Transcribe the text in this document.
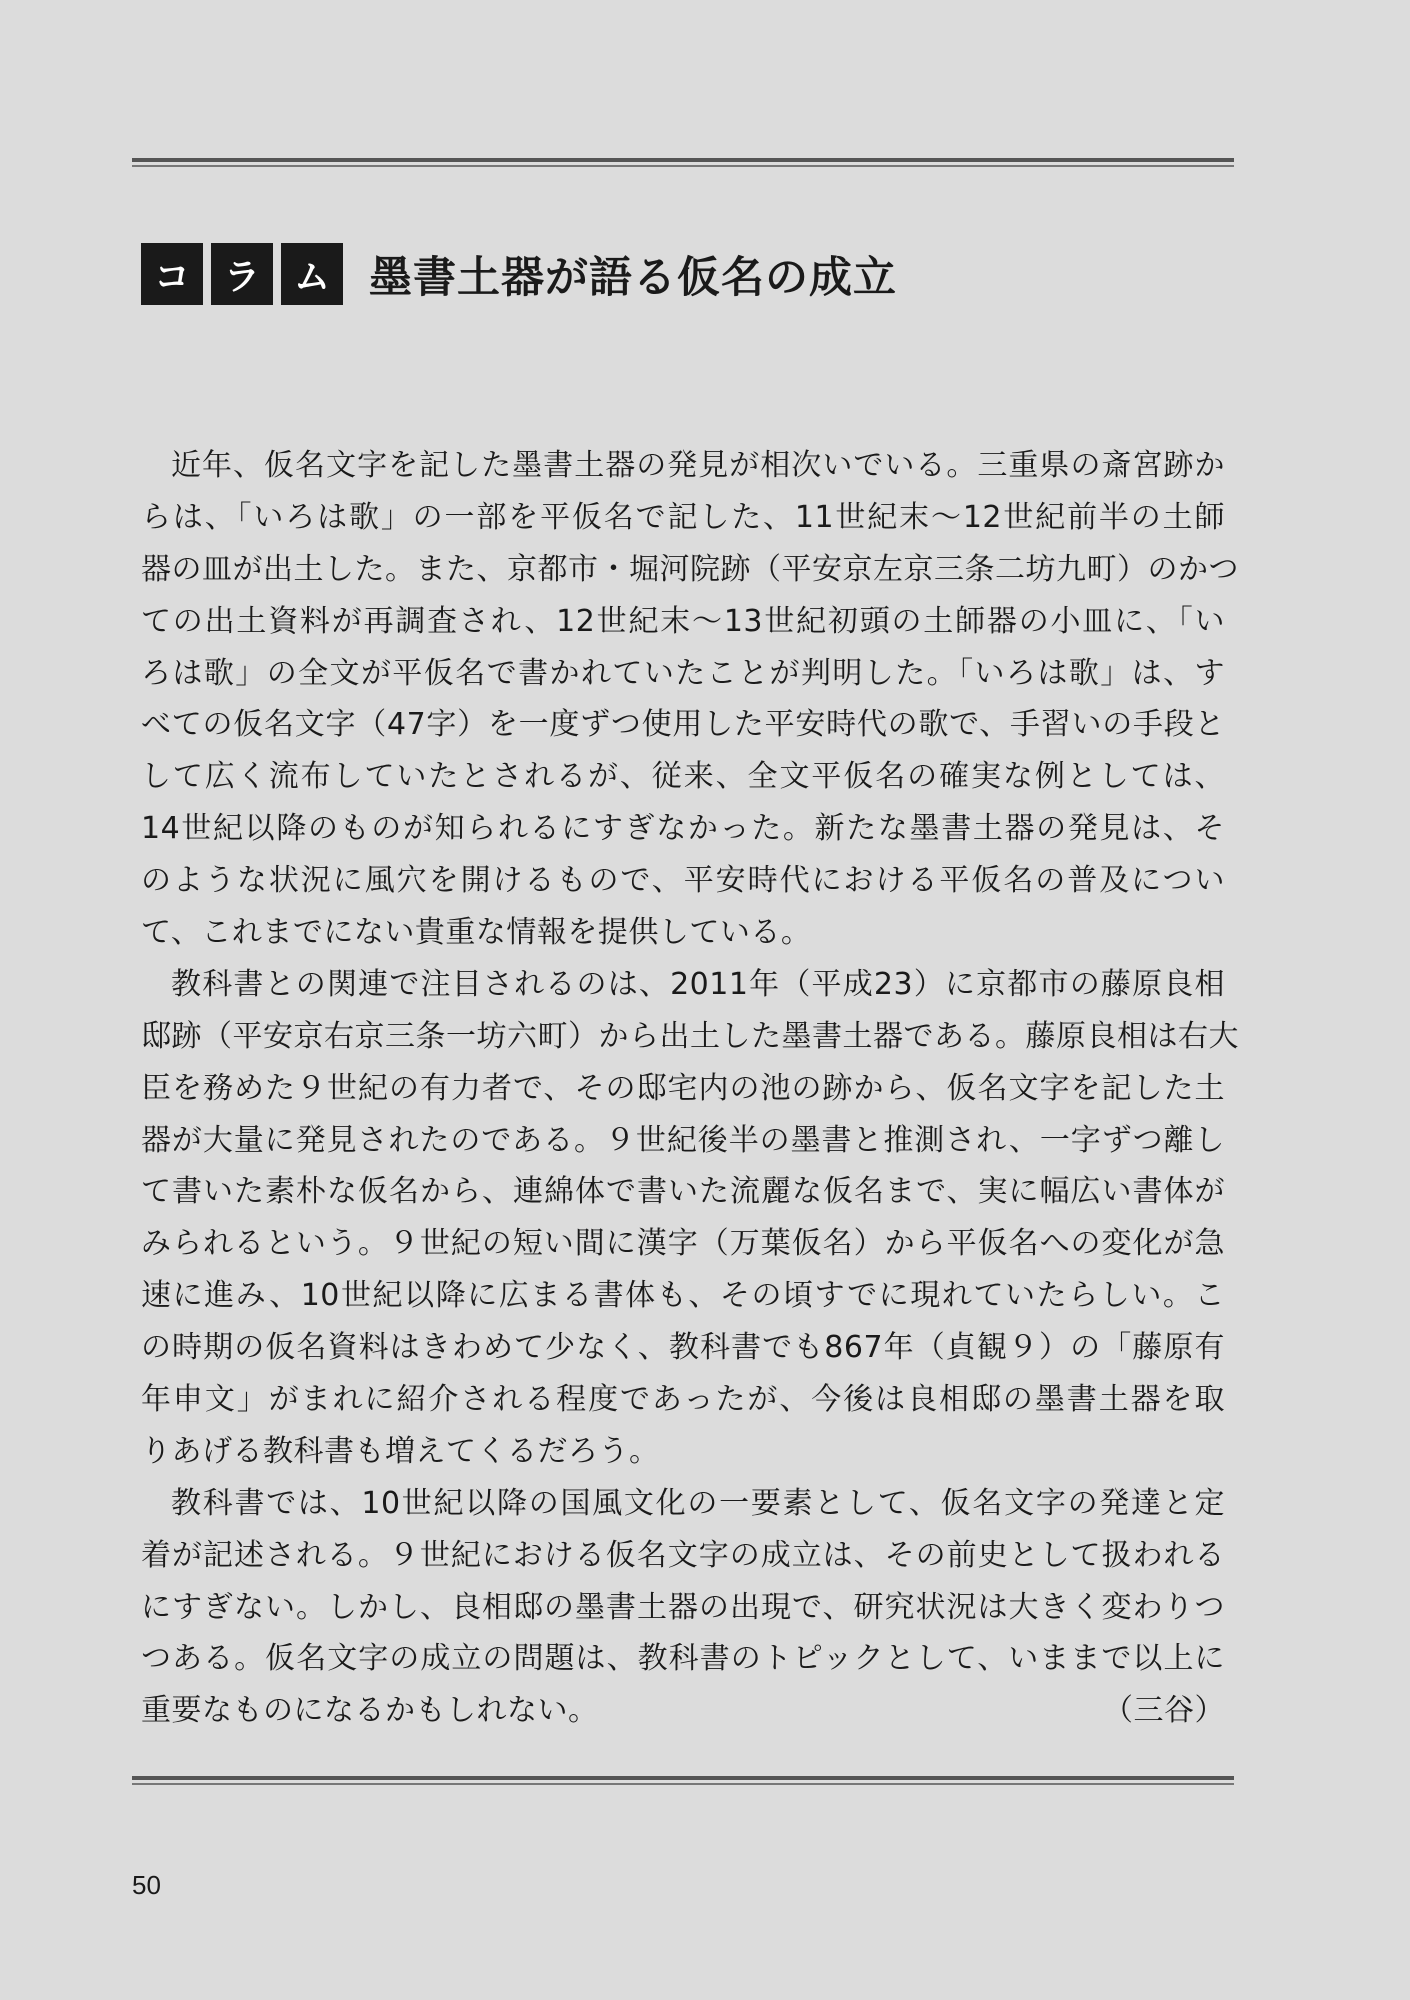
コ ラ ム 墨書土器が語る仮名の成立
近年、仮名文字を記した墨書土器の発見が相次いでいる。三重県の斎宮跡か
らは、「いろは歌」の一部を平仮名で記した、11世紀末～12世紀前半の土師
器の皿が出土した。また、京都市・堀河院跡（平安京左京三条二坊九町）のかつ
ての出土資料が再調査され、12世紀末～13世紀初頭の土師器の小皿に、「い
ろは歌」の全文が平仮名で書かれていたことが判明した。「いろは歌」は、す
べての仮名文字（47字）を一度ずつ使用した平安時代の歌で、手習いの手段と
して広く流布していたとされるが、従来、全文平仮名の確実な例としては、
14世紀以降のものが知られるにすぎなかった。新たな墨書土器の発見は、そ
のような状況に風穴を開けるもので、平安時代における平仮名の普及につい
て、これまでにない貴重な情報を提供している。
教科書との関連で注目されるのは、2011年（平成23）に京都市の藤原良相
邸跡（平安京右京三条一坊六町）から出土した墨書土器である。藤原良相は右大
臣を務めた９世紀の有力者で、その邸宅内の池の跡から、仮名文字を記した土
器が大量に発見されたのである。９世紀後半の墨書と推測され、一字ずつ離し
て書いた素朴な仮名から、連綿体で書いた流麗な仮名まで、実に幅広い書体が
みられるという。９世紀の短い間に漢字（万葉仮名）から平仮名への変化が急
速に進み、10世紀以降に広まる書体も、その頃すでに現れていたらしい。こ
の時期の仮名資料はきわめて少なく、教科書でも867年（貞観９）の「藤原有
年申文」がまれに紹介される程度であったが、今後は良相邸の墨書土器を取
りあげる教科書も増えてくるだろう。
教科書では、10世紀以降の国風文化の一要素として、仮名文字の発達と定
着が記述される。９世紀における仮名文字の成立は、その前史として扱われる
にすぎない。しかし、良相邸の墨書土器の出現で、研究状況は大きく変わりつ
つある。仮名文字の成立の問題は、教科書のトピックとして、いままで以上に
重要なものになるかもしれない。	（三谷）
50
